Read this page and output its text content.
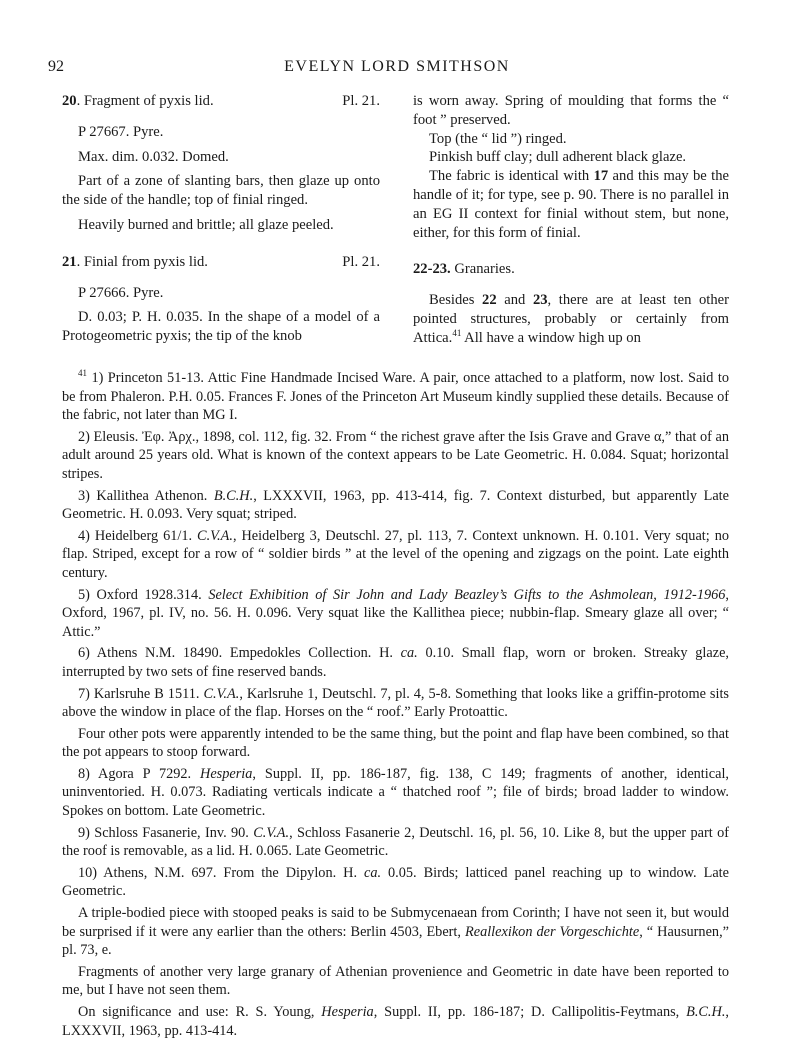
92	EVELYN LORD SMITHSON

20. Fragment of pyxis lid.	Pl. 21.

P 27667. Pyre.

Max. dim. 0.032. Domed.

Part of a zone of slanting bars, then glaze up onto the side of the handle; top of finial ringed.

Heavily burned and brittle; all glaze peeled.

21. Finial from pyxis lid.	Pl. 21.

P 27666. Pyre.

D. 0.03; P. H. 0.035. In the shape of a model of a Protogeometric pyxis; the tip of the knob

is worn away. Spring of moulding that forms the “ foot ” preserved.

Top (the “ lid ”) ringed.

Pinkish buff clay; dull adherent black glaze.

The fabric is identical with 17 and this may be the handle of it; for type, see p. 90. There is no parallel in an EG II context for finial without stem, but none, either, for this form of finial.

22-23. Granaries.

Besides 22 and 23, there are at least ten other pointed structures, probably or certainly from Attica.$^{41}$ All have a window high up on

$^{41}$ 1) Princeton 51-13. Attic Fine Handmade Incised Ware. A pair, once attached to a platform, now lost. Said to be from Phaleron. P.H. 0.05. Frances F. Jones of the Princeton Art Museum kindly supplied these details. Because of the fabric, not later than MG I.

2) Eleusis. Ἐφ. Ἀρχ., 1898, col. 112, fig. 32. From “ the richest grave after the Isis Grave and Grave α,” that of an adult around 25 years old. What is known of the context appears to be Late Geometric. H. 0.084. Squat; horizontal stripes.

3) Kallithea Athenon. B.C.H., LXXXVII, 1963, pp. 413-414, fig. 7. Context disturbed, but apparently Late Geometric. H. 0.093. Very squat; striped.

4) Heidelberg 61/1. C.V.A., Heidelberg 3, Deutschl. 27, pl. 113, 7. Context unknown. H. 0.101. Very squat; no flap. Striped, except for a row of “ soldier birds ” at the level of the opening and zigzags on the point. Late eighth century.

5) Oxford 1928.314. Select Exhibition of Sir John and Lady Beazley’s Gifts to the Ashmolean, 1912-1966, Oxford, 1967, pl. IV, no. 56. H. 0.096. Very squat like the Kallithea piece; nubbin-flap. Smeary glaze all over; “ Attic.”

6) Athens N.M. 18490. Empedokles Collection. H. ca. 0.10. Small flap, worn or broken. Streaky glaze, interrupted by two sets of fine reserved bands.

7) Karlsruhe B 1511. C.V.A., Karlsruhe 1, Deutschl. 7, pl. 4, 5-8. Something that looks like a griffin-protome sits above the window in place of the flap. Horses on the “ roof.” Early Protoattic.

Four other pots were apparently intended to be the same thing, but the point and flap have been combined, so that the pot appears to stoop forward.

8) Agora P 7292. Hesperia, Suppl. II, pp. 186-187, fig. 138, C 149; fragments of another, identical, uninventoried. H. 0.073. Radiating verticals indicate a “ thatched roof ”; file of birds; broad ladder to window. Spokes on bottom. Late Geometric.

9) Schloss Fasanerie, Inv. 90. C.V.A., Schloss Fasanerie 2, Deutschl. 16, pl. 56, 10. Like 8, but the upper part of the roof is removable, as a lid. H. 0.065. Late Geometric.

10) Athens, N.M. 697. From the Dipylon. H. ca. 0.05. Birds; latticed panel reaching up to window. Late Geometric.

A triple-bodied piece with stooped peaks is said to be Submycenaean from Corinth; I have not seen it, but would be surprised if it were any earlier than the others: Berlin 4503, Ebert, Reallexikon der Vorgeschichte, “ Hausurnen,” pl. 73, e.

Fragments of another very large granary of Athenian provenience and Geometric in date have been reported to me, but I have not seen them.

On significance and use: R. S. Young, Hesperia, Suppl. II, pp. 186-187; D. Callipolitis-Feytmans, B.C.H., LXXXVII, 1963, pp. 413-414.
